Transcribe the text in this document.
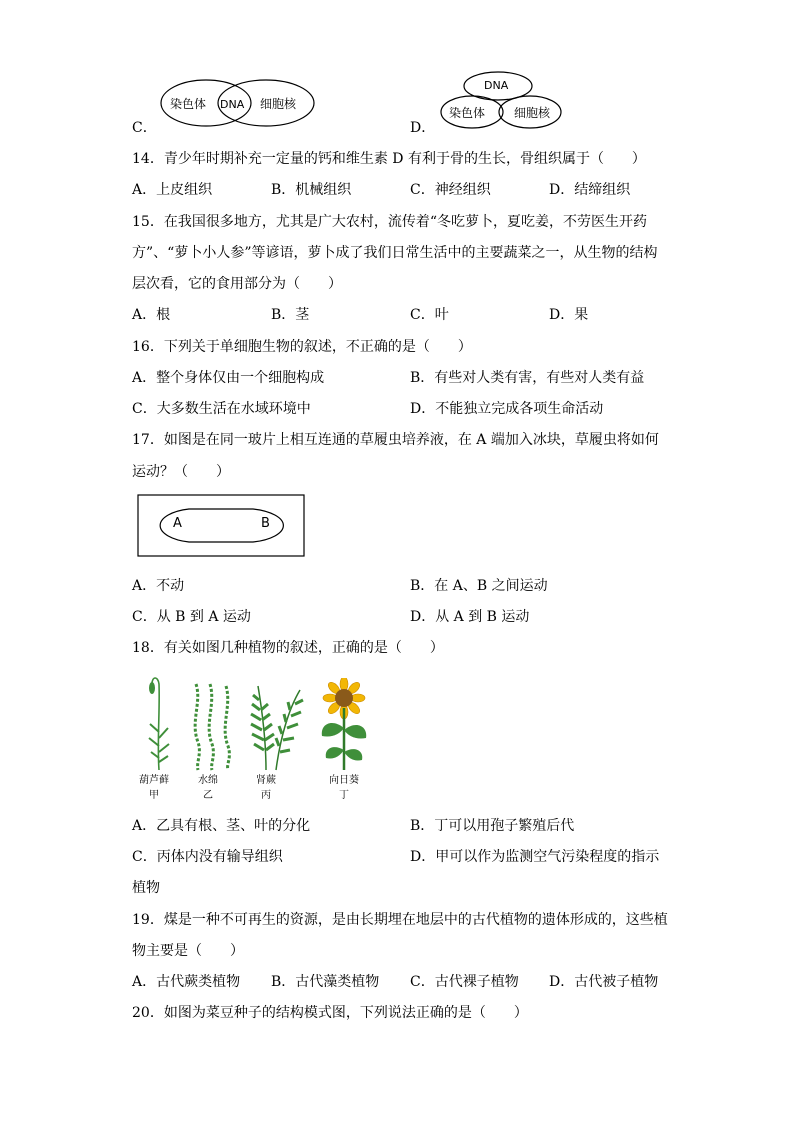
染色体 DNA 细胞核
C．
DNA
染色体 细胞核
D．
14．青少年时期补充一定量的钙和维生素 D 有利于骨的生长，骨组织属于（　　）
A．上皮组织	B．机械组织	C．神经组织	D．结缔组织
15．在我国很多地方，尤其是广大农村，流传着“冬吃萝卜，夏吃姜，不劳医生开药
方”、“萝卜小人参”等谚语，萝卜成了我们日常生活中的主要蔬菜之一，从生物的结构
层次看，它的食用部分为（　　）
A．根	B．茎	C．叶	D．果
16．下列关于单细胞生物的叙述，不正确的是（　　）
A．整个身体仅由一个细胞构成	B．有些对人类有害，有些对人类有益
C．大多数生活在水域环境中	D．不能独立完成各项生命活动
17．如图是在同一玻片上相互连通的草履虫培养液，在 A 端加入冰块，草履虫将如何
运动？（　　）
A	B
A．不动	B．在 A、B 之间运动
C．从 B 到 A 运动	D．从 A 到 B 运动
18．有关如图几种植物的叙述，正确的是（　　）
葫芦藓
甲
水绵
乙
肾蕨
丙
向日葵
丁
A．乙具有根、茎、叶的分化	B．丁可以用孢子繁殖后代
C．丙体内没有输导组织	D．甲可以作为监测空气污染程度的指示
植物
19．煤是一种不可再生的资源，是由长期埋在地层中的古代植物的遗体形成的，这些植
物主要是（　　）
A．古代蕨类植物 B．古代藻类植物 C．古代裸子植物 D．古代被子植物
20．如图为菜豆种子的结构模式图，下列说法正确的是（　　）
